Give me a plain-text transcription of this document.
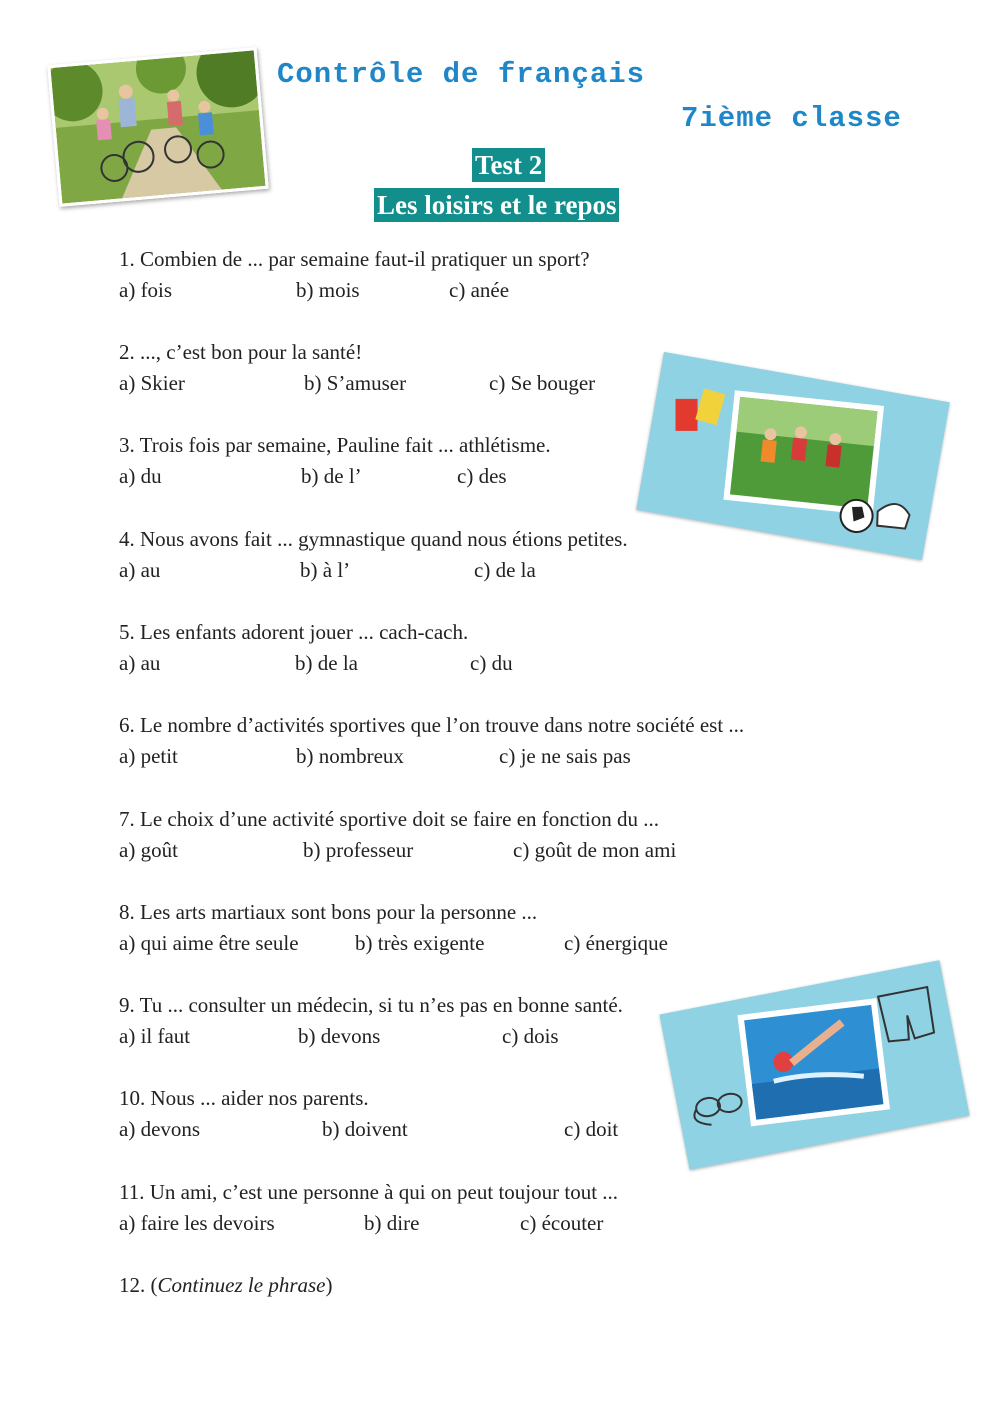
Contrôle de français
7ième classe
Test 2
Les loisirs et le repos
1. Combien de ... par semaine faut-il pratiquer un sport?
a) fois	b) mois	c) anée
2. ..., c’est bon pour la santé!
a) Skier	b) S’amuser	c) Se bouger
3. Trois fois par semaine, Pauline fait ... athlétisme.
a) du	b) de l’	c) des
4. Nous avons fait ... gymnastique quand nous étions petites.
a) au	b) à l’	c) de la
5. Les enfants adorent jouer ... cach-cach.
a) au	b) de la	c) du
6. Le nombre d’activités sportives que l’on trouve dans notre société est ...
a) petit	b) nombreux	c) je ne sais pas
7. Le choix d’une activité sportive doit se faire en fonction du ...
a) goût	b) professeur	c) goût de mon ami
8. Les arts martiaux sont bons pour la personne ...
a) qui aime être seule	b) très exigente	c) énergique
9. Tu ... consulter un médecin, si tu n’es pas en bonne santé.
a) il faut	b) devons	c) dois
10. Nous ... aider nos parents.
a) devons	b) doivent	c) doit
11. Un ami, c’est une personne à qui on peut toujour tout ...
a) faire les devoirs	b) dire	c) écouter
12. (Continuez le phrase)
